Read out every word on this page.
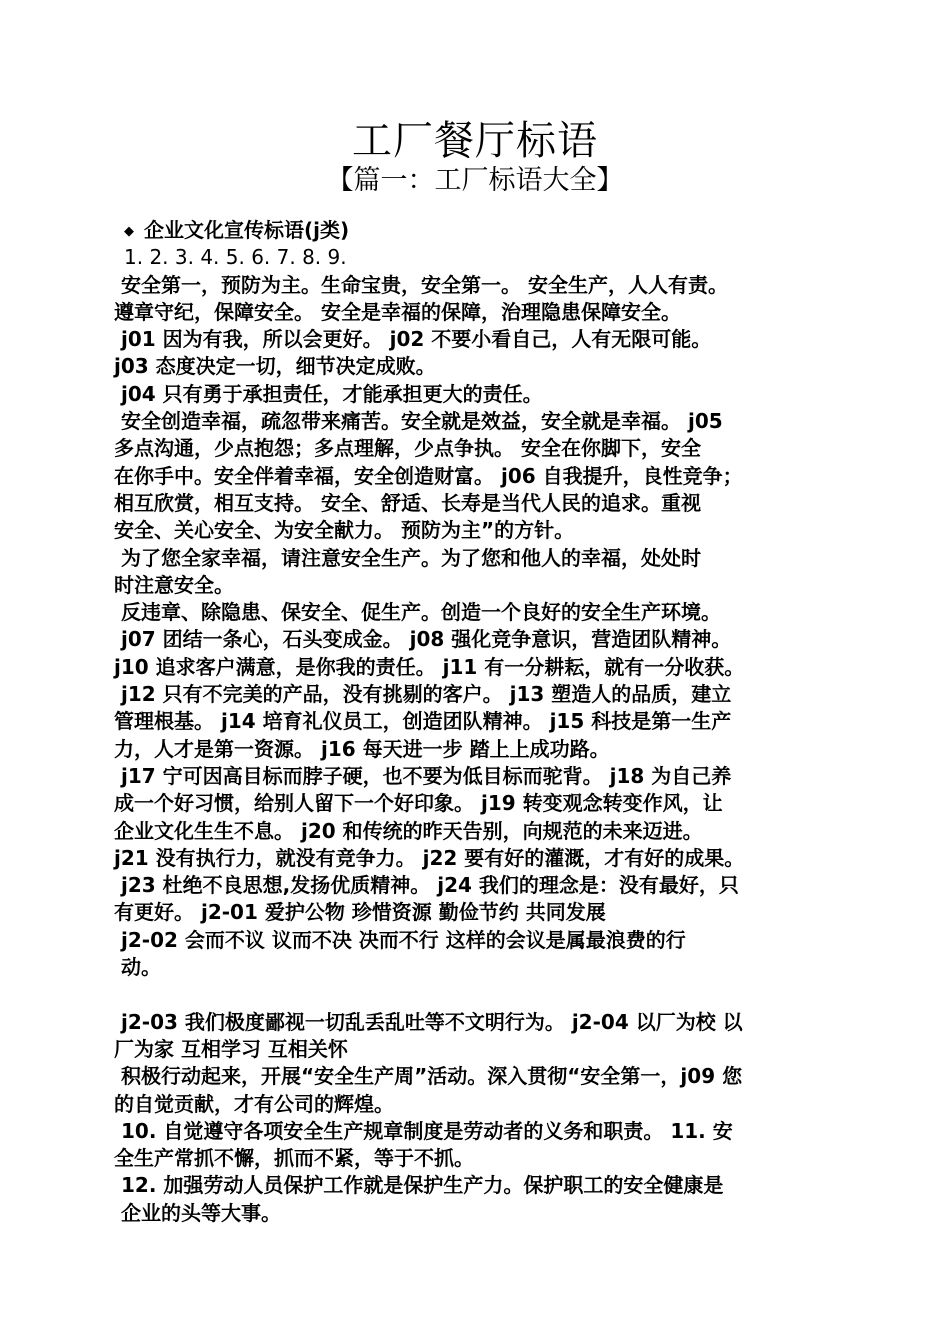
工厂餐厅标语
【篇一：工厂标语大全】
◆ 企业文化宣传标语(j类)
1. 2. 3. 4. 5. 6. 7. 8. 9.
安全第一，预防为主。生命宝贵，安全第一。 安全生产，人人有责。
遵章守纪，保障安全。 安全是幸福的保障，治理隐患保障安全。
j01 因为有我，所以会更好。 j02 不要小看自己，人有无限可能。
j03 态度决定一切，细节决定成败。
j04 只有勇于承担责任，才能承担更大的责任。
安全创造幸福，疏忽带来痛苦。安全就是效益，安全就是幸福。 j05
多点沟通，少点抱怨；多点理解，少点争执。 安全在你脚下，安全
在你手中。安全伴着幸福，安全创造财富。 j06 自我提升，良性竞争；
相互欣赏，相互支持。 安全、舒适、长寿是当代人民的追求。重视
安全、关心安全、为安全献力。 预防为主”的方针。
为了您全家幸福，请注意安全生产。为了您和他人的幸福，处处时
时注意安全。
反违章、除隐患、保安全、促生产。创造一个良好的安全生产环境。
j07 团结一条心，石头变成金。 j08 强化竞争意识，营造团队精神。
j10 追求客户满意，是你我的责任。 j11 有一分耕耘，就有一分收获。
j12 只有不完美的产品，没有挑剔的客户。 j13 塑造人的品质，建立
管理根基。 j14 培育礼仪员工，创造团队精神。 j15 科技是第一生产
力，人才是第一资源。 j16 每天进一步 踏上上成功路。
j17 宁可因高目标而脖子硬，也不要为低目标而驼背。 j18 为自己养
成一个好习惯，给别人留下一个好印象。 j19 转变观念转变作风，让
企业文化生生不息。 j20 和传统的昨天告别，向规范的未来迈进。
j21 没有执行力，就没有竞争力。 j22 要有好的灌溉，才有好的成果。
j23 杜绝不良思想,发扬优质精神。 j24 我们的理念是：没有最好，只
有更好。 j2-01 爱护公物 珍惜资源 勤俭节约 共同发展
j2-02 会而不议 议而不决 决而不行 这样的会议是属最浪费的行
动。
j2-03 我们极度鄙视一切乱丢乱吐等不文明行为。 j2-04 以厂为校 以
厂为家 互相学习 互相关怀
积极行动起来，开展“安全生产周”活动。深入贯彻“安全第一，j09 您
的自觉贡献，才有公司的辉煌。
10. 自觉遵守各项安全生产规章制度是劳动者的义务和职责。 11. 安
全生产常抓不懈，抓而不紧，等于不抓。
12. 加强劳动人员保护工作就是保护生产力。保护职工的安全健康是
企业的头等大事。
